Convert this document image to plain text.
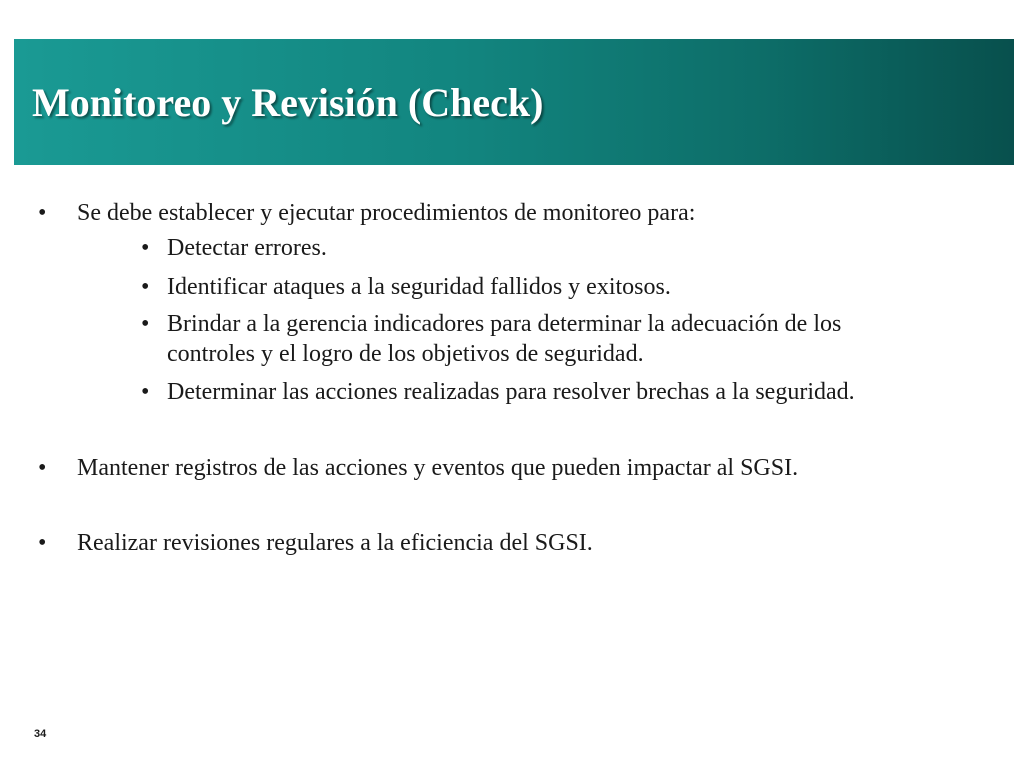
Monitoreo y Revisión (Check)
• Se debe establecer y ejecutar procedimientos de monitoreo para:
• Detectar errores.
• Identificar ataques a la seguridad fallidos y exitosos.
• Brindar a la gerencia indicadores para determinar la adecuación de los
controles y el logro de los objetivos de seguridad.
• Determinar las acciones realizadas para resolver brechas a la seguridad.
• Mantener registros de las acciones y eventos que pueden impactar al SGSI.
• Realizar revisiones regulares a la eficiencia del SGSI.
34
